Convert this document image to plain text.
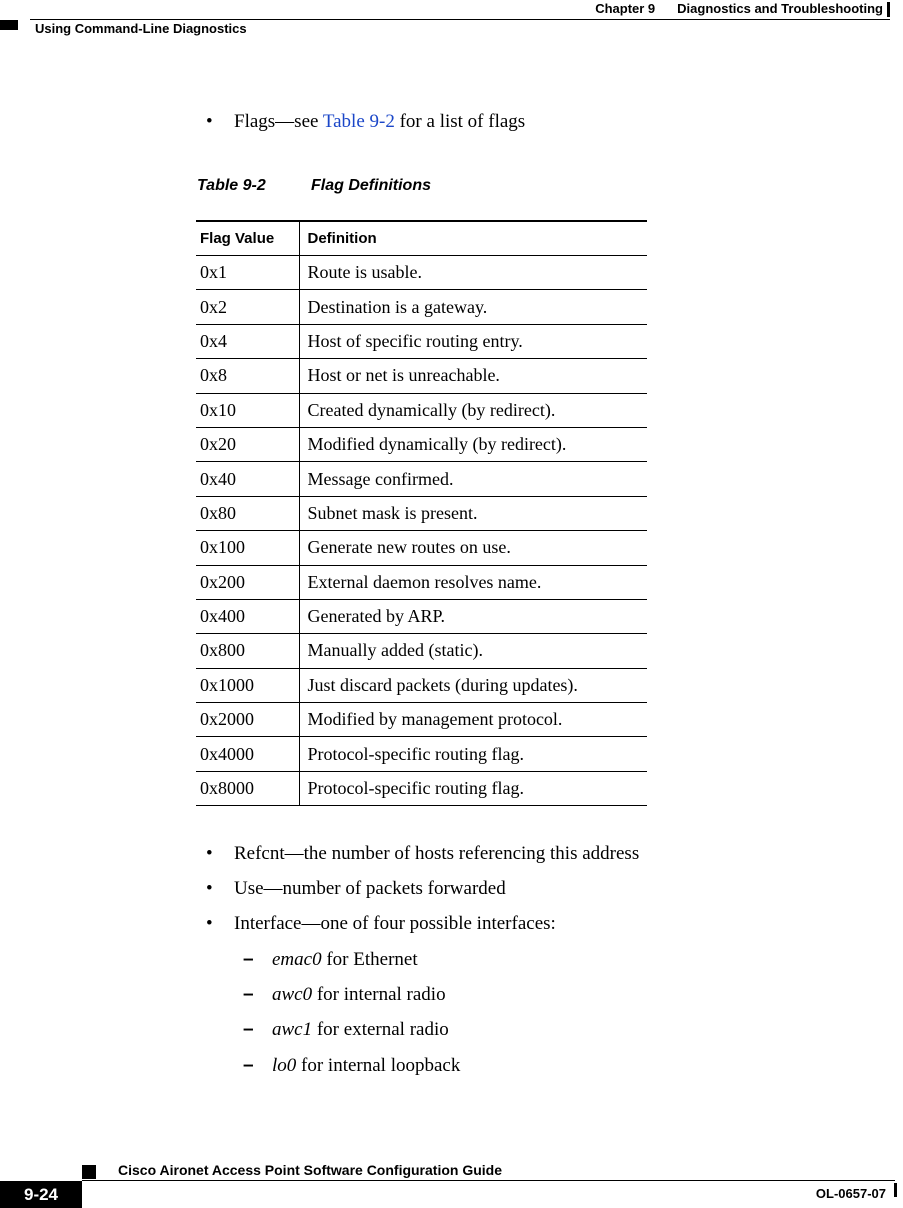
Chapter 9 Diagnostics and Troubleshooting
Using Command-Line Diagnostics
• Flags—see Table 9-2 for a list of flags
Table 9-2	Flag Definitions
Flag Value	Definition
0x1	Route is usable.
0x2	Destination is a gateway.
0x4	Host of specific routing entry.
0x8	Host or net is unreachable.
0x10	Created dynamically (by redirect).
0x20	Modified dynamically (by redirect).
0x40	Message confirmed.
0x80	Subnet mask is present.
0x100	Generate new routes on use.
0x200	External daemon resolves name.
0x400	Generated by ARP.
0x800	Manually added (static).
0x1000	Just discard packets (during updates).
0x2000	Modified by management protocol.
0x4000	Protocol-specific routing flag.
0x8000	Protocol-specific routing flag.
• Refcnt—the number of hosts referencing this address
• Use—number of packets forwarded
• Interface—one of four possible interfaces:
– emac0 for Ethernet
– awc0 for internal radio
– awc1 for external radio
– lo0 for internal loopback
Cisco Aironet Access Point Software Configuration Guide
9-24	OL-0657-07
